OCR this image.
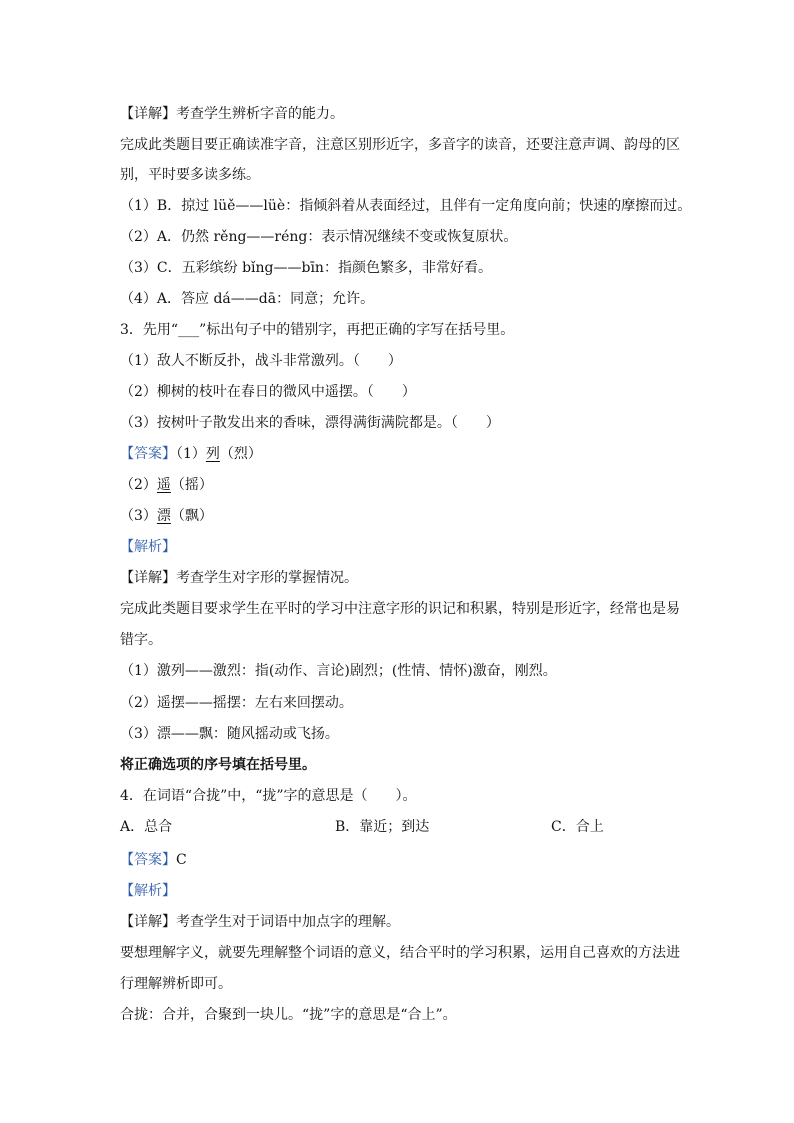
【详解】考查学生辨析字音的能力。
完成此类题目要正确读准字音，注意区别形近字，多音字的读音，还要注意声调、韵母的区
别，平时要多读多练。
（1）B．掠过 lüě——lüè：指倾斜着从表面经过，且伴有一定角度向前；快速的摩擦而过。
（2）A．仍然 rěng——réng：表示情况继续不变或恢复原状。
（3）C．五彩缤纷 bǐng——bīn：指颜色繁多，非常好看。
（4）A．答应 dá——dā：同意；允许。
3．先用“___”标出句子中的错别字，再把正确的字写在括号里。
（1）敌人不断反扑，战斗非常激列。（　　）
（2）柳树的枝叶在春日的微风中遥摆。（　　）
（3）按树叶子散发出来的香味，漂得满街满院都是。（　　）
【答案】（1）列（烈）
（2）遥（摇）
（3）漂（飘）
【解析】
【详解】考查学生对字形的掌握情况。
完成此类题目要求学生在平时的学习中注意字形的识记和积累，特别是形近字，经常也是易
错字。
（1）激列——激烈：指(动作、言论)剧烈；(性情、情怀)激奋，刚烈。
（2）遥摆——摇摆：左右来回摆动。
（3）漂——飘：随风摇动或飞扬。
将正确选项的序号填在括号里。
4．在词语“合拢”中，“拢”字的意思是（　　）。
A．总合	B．靠近；到达	C．合上
【答案】C
【解析】
【详解】考查学生对于词语中加点字的理解。
要想理解字义，就要先理解整个词语的意义，结合平时的学习积累，运用自己喜欢的方法进
行理解辨析即可。
合拢：合并，合聚到一块儿。“拢”字的意思是“合上”。
